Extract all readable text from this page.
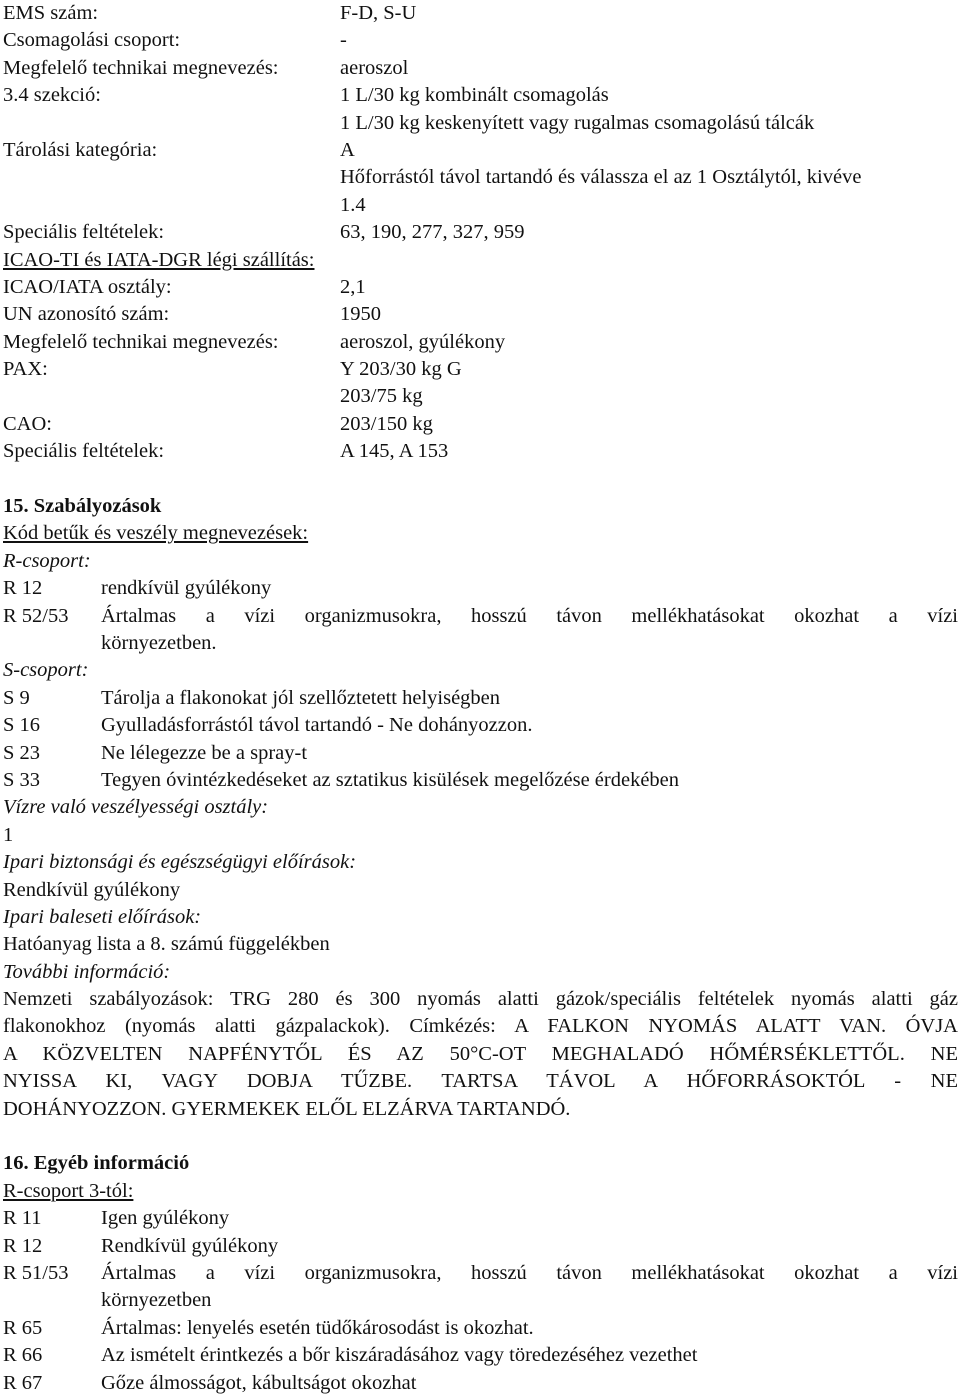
EMS szám:	F-D, S-U
Csomagolási csoport:	-
Megfelelő technikai megnevezés:	aeroszol
3.4 szekció:	1 L/30 kg kombinált csomagolás
1 L/30 kg keskenyített vagy rugalmas csomagolású tálcák
Tárolási kategória:	A
Hőforrástól távol tartandó és válassza el az 1 Osztálytól, kivéve
1.4
Speciális feltételek:	63, 190, 277, 327, 959
ICAO-TI és IATA-DGR légi szállítás:
ICAO/IATA osztály:	2,1
UN azonosító szám:	1950
Megfelelő technikai megnevezés:	aeroszol, gyúlékony
PAX:	Y 203/30 kg G
203/75 kg
CAO:	203/150 kg
Speciális feltételek:	A 145, A 153
15. Szabályozások
Kód betűk és veszély megnevezések:
R-csoport:
R 12	rendkívül gyúlékony
R 52/53	Ártalmas a vízi organizmusokra, hosszú távon mellékhatásokat okozhat a vízi
környezetben.
S-csoport:
S 9	Tárolja a flakonokat jól szellőztetett helyiségben
S 16	Gyulladásforrástól távol tartandó - Ne dohányozzon.
S 23	Ne lélegezze be a spray-t
S 33	Tegyen óvintézkedéseket az sztatikus kisülések megelőzése érdekében
Vízre való veszélyességi osztály:
1
Ipari biztonsági és egészségügyi előírások:
Rendkívül gyúlékony
Ipari baleseti előírások:
Hatóanyag lista a 8. számú függelékben
További információ:
Nemzeti szabályozások: TRG 280 és 300 nyomás alatti gázok/speciális feltételek nyomás alatti gáz
flakonokhoz (nyomás alatti gázpalackok). Címkézés: A FALKON NYOMÁS ALATT VAN. ÓVJA
A KÖZVELTEN NAPFÉNYTŐL ÉS AZ 50°C-OT MEGHALADÓ HŐMÉRSÉKLETTŐL. NE
NYISSA KI, VAGY DOBJA TŰZBE. TARTSA TÁVOL A HŐFORRÁSOKTÓL - NE
DOHÁNYOZZON. GYERMEKEK ELŐL ELZÁRVA TARTANDÓ.
16. Egyéb információ
R-csoport 3-tól:
R 11	Igen gyúlékony
R 12	Rendkívül gyúlékony
R 51/53	Ártalmas a vízi organizmusokra, hosszú távon mellékhatásokat okozhat a vízi
környezetben
R 65	Ártalmas: lenyelés esetén tüdőkárosodást is okozhat.
R 66	Az ismételt érintkezés a bőr kiszáradásához vagy töredezéséhez vezethet
R 67	Gőze álmosságot, kábultságot okozhat
